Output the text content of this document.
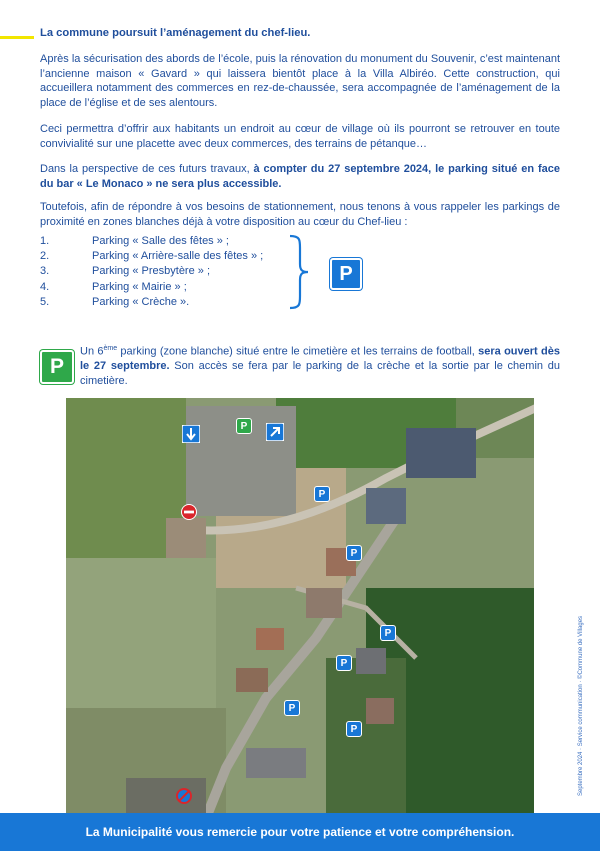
La commune poursuit l’aménagement du chef-lieu.
Après la sécurisation des abords de l’école, puis la rénovation du monument du Souvenir, c’est maintenant l’ancienne maison « Gavard » qui laissera bientôt place à la Villa Albiréo. Cette construction, qui accueillera notamment des commerces en rez-de-chaussée, sera accompagnée de l’aménagement de la place de l’église et de ses alentours.
Ceci permettra d’offrir aux habitants un endroit au cœur de village où ils pourront se retrouver en toute convivialité sur une placette avec deux commerces, des terrains de pétanque…
Dans la perspective de ces futurs travaux, à compter du 27 septembre 2024, le parking situé en face du bar « Le Monaco » ne sera plus accessible.
Toutefois, afin de répondre à vos besoins de stationnement, nous tenons à vous rappeler les parkings de proximité en zones blanches déjà à votre disposition au cœur du Chef-lieu :
1.	Parking « Salle des fêtes » ;
2.	Parking « Arrière-salle des fêtes » ;
3.	Parking « Presbytère » ;
4.	Parking « Mairie » ;
5.	Parking « Crèche ».
P
P
Un 6ème parking (zone blanche) situé entre le cimetière et les terrains de football, sera ouvert dès le 27 septembre. Son accès se fera par le parking de la crèche et la sortie par le chemin du cimetière.
P
P
P
P
P
P
P	Septembre 2024 · Service communication · ©Commune de Villages
La Municipalité vous remercie pour votre patience et votre compréhension.
